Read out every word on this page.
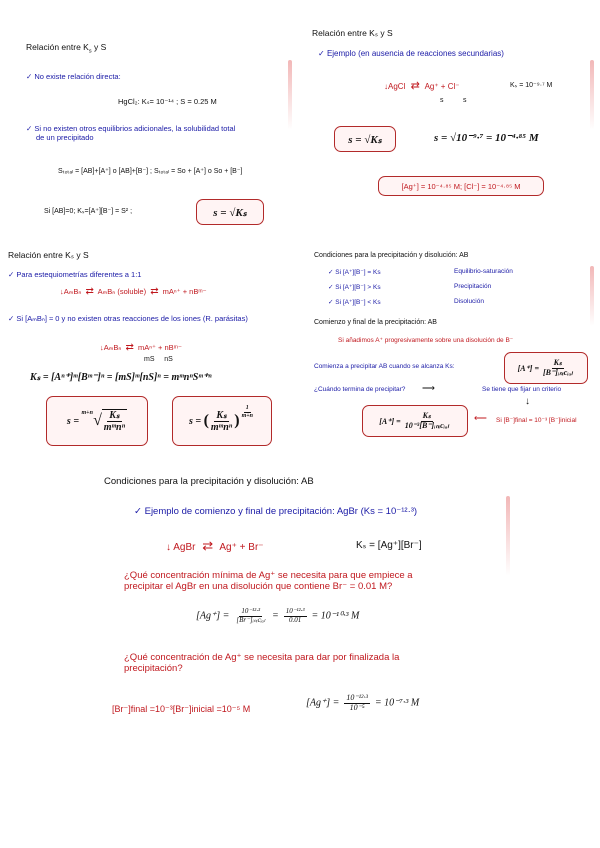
Relación entre $K_s$ y S
✓ No existe relación directa:
HgCl₂: Kₛ= 10⁻¹⁴ ; S = 0.25 M
✓ Si no existen otros equilibrios adicionales, la solubilidad total
de un precipitado
Sₜₒₜₐₗ = [AB]+[A⁺] o [AB]+[B⁻] ; Sₜₒₜₐₗ = So + [A⁺] o So + [B⁻]
Si [AB]=0; Kₛ=[A⁺][B⁻] = S² ;	s = √Kₛ
Relación entre Kₛ y S
✓ Ejemplo (en ausencia de reacciones secundarias)
↓AgCl ⇄ Ag⁺ + Cl⁻	Kₛ = 10⁻⁹·⁷ M
s          s
s = √Kₛ	s = √10⁻⁹·⁷ = 10⁻⁴·⁸⁵ M
[Ag⁺] = 10⁻⁴·⁸⁵ M; [Cl⁻] = 10⁻⁴·⁸⁵ M
Relación entre Kₛ y S
✓ Para estequiometrías diferentes a 1:1
↓AₘBₙ ⇄ AₘBₙ (soluble) ⇄ mAⁿ⁺ + nBᵐ⁻
✓ Si [AₘBₙ] ≈ 0 y no existen otras reacciones de los iones (R. parásitas)
↓AₘBₙ ⇄ mAⁿ⁺ + nBᵐ⁻
mS     nS
Kₛ = [Aⁿ⁺]ᵐ[Bᵐ⁻]ⁿ = [mS]ᵐ[nS]ⁿ = mᵐnⁿSᵐ⁺ⁿ
s =

$^{m+n}$ √ $\frac{\text{Kₛ}}{\text{mᵐnⁿ}}$	s =
( $\frac{\text{Kₛ}}{\text{mᵐnⁿ}}$ ) $\frac{1}{m+n}$
Condiciones para la precipitación y disolución: AB
✓ Si [A⁺][B⁻] = Ks	Equilibrio-saturación
✓ Si [A⁺][B⁻] > Ks	Precipitación
✓ Si [A⁺][B⁻] < Ks	Disolución
Comienzo y final de la precipitación: AB
Si añadimos A⁺ progresivamente sobre una disolución de B⁻
Comienza a precipitar AB cuando se alcanza Ks:	[A⁺] =
$\frac{\text{Kₛ}}{\text{[B⁻]ᵢₙᵢcᵢₐₗ}}$
¿Cuándo termina de precipitar? ⟶	Se tiene que fijar un criterio
↓
[A⁺] =
$\frac{\text{Kₛ}}{\text{10⁻³[B⁻]ᵢₙᵢcᵢₐₗ}}$	⟵ Si [B⁻]final = 10⁻³ [B⁻]inicial
Condiciones para la precipitación y disolución: AB
✓ Ejemplo de comienzo y final de precipitación: AgBr (Ks = 10⁻¹²·³)
↓ AgBr ⇄ Ag⁺ + Br⁻	Kₛ = [Ag⁺][Br⁻]
¿Qué concentración mínima de Ag⁺ se necesita para que empiece a
precipitar el AgBr en una disolución que contiene Br⁻ = 0.01 M?
$[Ag^+] = \frac{\text{10⁻¹²·³}}{\text{[Br⁻]ᵢₙᵢcᵢₐₗ}} = \frac{\text{10⁻¹²·³}}{0.01} = 10^{-10}\cdot^3$ M
¿Qué concentración de Ag⁺ se necesita para dar por finalizada la
precipitación?
[Br⁻]final =10⁻³[Br⁻]inicial =10⁻⁵ M
$[Ag^+] = \frac{\text{10⁻¹²·³}}{\text{10⁻⁵}} = 10^{-7}\cdot^3$ M
